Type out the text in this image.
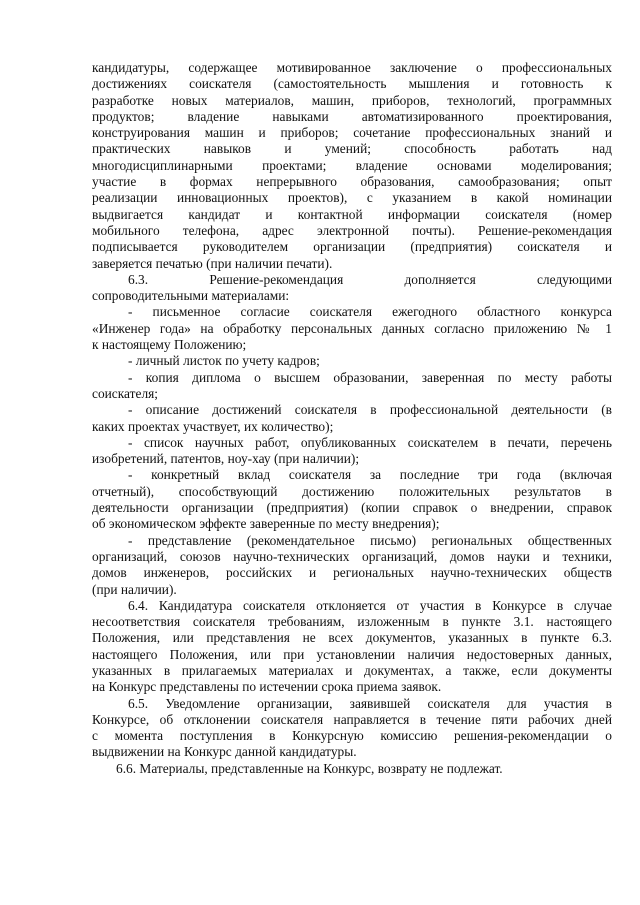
кандидатуры, содержащее мотивированное заключение о профессиональных
достижениях соискателя (самостоятельность мышления и готовность к
разработке новых материалов, машин, приборов, технологий, программных
продуктов; владение навыками автоматизированного проектирования,
конструирования машин и приборов; сочетание профессиональных знаний и
практических навыков и умений; способность работать над
многодисциплинарными проектами; владение основами моделирования;
участие в формах непрерывного образования, самообразования; опыт
реализации инновационных проектов), с указанием в какой номинации
выдвигается кандидат и контактной информации соискателя (номер
мобильного телефона, адрес электронной почты). Решение-рекомендация
подписывается руководителем организации (предприятия) соискателя и
заверяется печатью (при наличии печати).
6.3. Решение-рекомендация дополняется следующими
сопроводительными материалами:
- письменное согласие соискателя ежегодного областного конкурса
«Инженер года» на обработку персональных данных согласно приложению № 1
к настоящему Положению;
- личный листок по учету кадров;
- копия диплома о высшем образовании, заверенная по месту работы
соискателя;
- описание достижений соискателя в профессиональной деятельности (в
каких проектах участвует, их количество);
- список научных работ, опубликованных соискателем в печати, перечень
изобретений, патентов, ноу-хау (при наличии);
- конкретный вклад соискателя за последние три года (включая
отчетный), способствующий достижению положительных результатов в
деятельности организации (предприятия) (копии справок о внедрении, справок
об экономическом эффекте заверенные по месту внедрения);
- представление (рекомендательное письмо) региональных общественных
организаций, союзов научно-технических организаций, домов науки и техники,
домов инженеров, российских и региональных научно-технических обществ
(при наличии).
6.4. Кандидатура соискателя отклоняется от участия в Конкурсе в случае
несоответствия соискателя требованиям, изложенным в пункте 3.1. настоящего
Положения, или представления не всех документов, указанных в пункте 6.3.
настоящего Положения, или при установлении наличия недостоверных данных,
указанных в прилагаемых материалах и документах, а также, если документы
на Конкурс представлены по истечении срока приема заявок.
6.5. Уведомление организации, заявившей соискателя для участия в
Конкурсе, об отклонении соискателя направляется в течение пяти рабочих дней
с момента поступления в Конкурсную комиссию решения-рекомендации о
выдвижении на Конкурс данной кандидатуры.
6.6. Материалы, представленные на Конкурс, возврату не подлежат.
